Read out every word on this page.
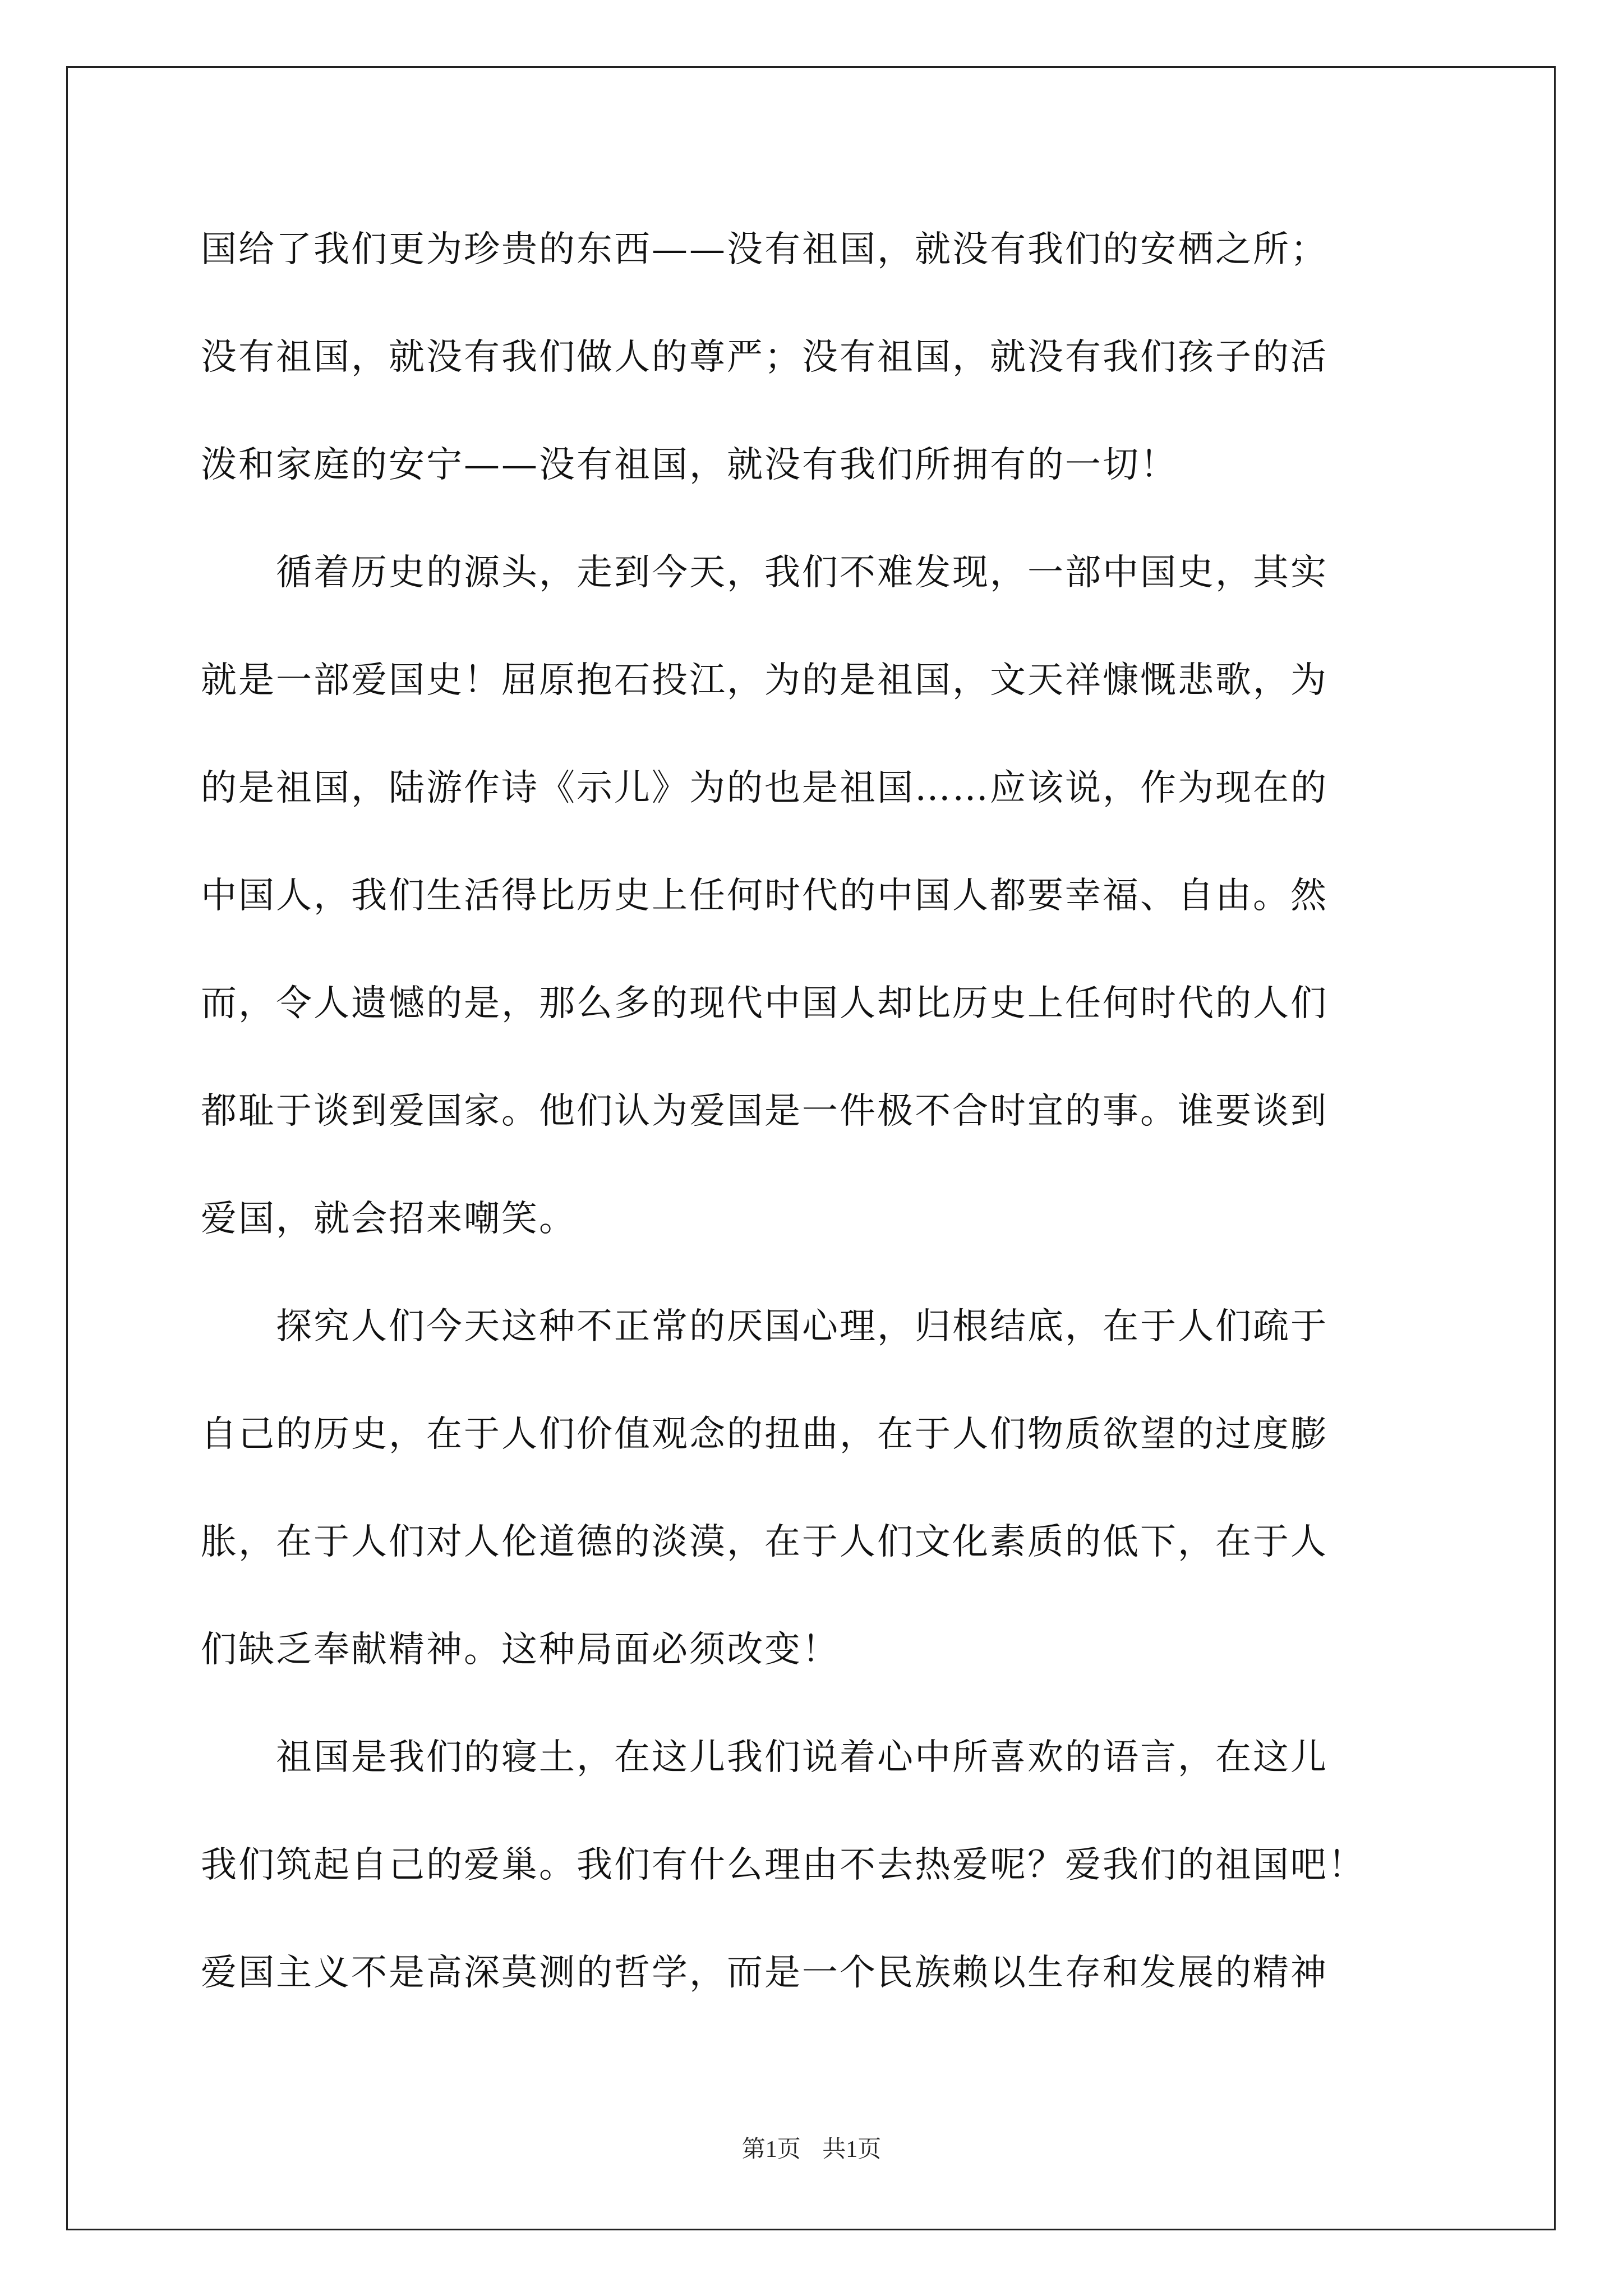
国给了我们更为珍贵的东西——没有祖国，就没有我们的安栖之所；
没有祖国，就没有我们做人的尊严；没有祖国，就没有我们孩子的活
泼和家庭的安宁——没有祖国，就没有我们所拥有的一切！
　　循着历史的源头，走到今天，我们不难发现，一部中国史，其实
就是一部爱国史！屈原抱石投江，为的是祖国，文天祥慷慨悲歌，为
的是祖国，陆游作诗《示儿》为的也是祖国……应该说，作为现在的
中国人，我们生活得比历史上任何时代的中国人都要幸福、自由。然
而，令人遗憾的是，那么多的现代中国人却比历史上任何时代的人们
都耻于谈到爱国家。他们认为爱国是一件极不合时宜的事。谁要谈到
爱国，就会招来嘲笑。
　　探究人们今天这种不正常的厌国心理，归根结底，在于人们疏于
自己的历史，在于人们价值观念的扭曲，在于人们物质欲望的过度膨
胀，在于人们对人伦道德的淡漠，在于人们文化素质的低下，在于人
们缺乏奉献精神。这种局面必须改变！
　　祖国是我们的寝土，在这儿我们说着心中所喜欢的语言，在这儿
我们筑起自己的爱巢。我们有什么理由不去热爱呢？爱我们的祖国吧！
爱国主义不是高深莫测的哲学，而是一个民族赖以生存和发展的精神
第1页 共1页
